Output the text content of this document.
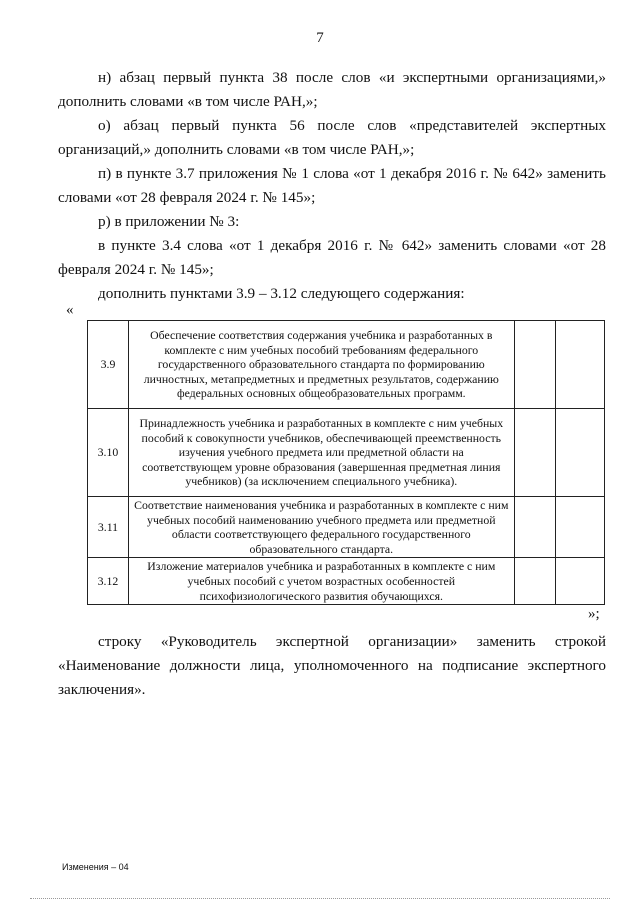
7

н) абзац первый пункта 38 после слов «и экспертными организациями,» дополнить словами «в том числе РАН,»;

о) абзац первый пункта 56 после слов «представителей экспертных организаций,» дополнить словами «в том числе РАН,»;

п) в пункте 3.7 приложения № 1 слова «от 1 декабря 2016 г. № 642» заменить словами «от 28 февраля 2024 г. № 145»;

р) в приложении № 3:

в пункте 3.4 слова «от 1 декабря 2016 г. № 642» заменить словами «от 28 февраля 2024 г. № 145»;

дополнить пунктами 3.9 – 3.12 следующего содержания:

«
3.9	Обеспечение соответствия содержания учебника и разработанных в комплекте с ним учебных пособий требованиям федерального государственного образовательного стандарта по формированию личностных, метапредметных и предметных результатов, содержанию федеральных основных общеобразовательных программ.		
3.10	Принадлежность учебника и разработанных в комплекте с ним учебных пособий к совокупности учебников, обеспечивающей преемственность изучения учебного предмета или предметной области на соответствующем уровне образования (завершенная предметная линия учебников) (за исключением специального учебника).		
3.11	Соответствие наименования учебника и разработанных в комплекте с ним учебных пособий наименованию учебного предмета или предметной области соответствующего федерального государственного образовательного стандарта.		
3.12	Изложение материалов учебника и разработанных в комплекте с ним учебных пособий с учетом возрастных особенностей психофизиологического развития обучающихся.		
»;

строку «Руководитель экспертной организации» заменить строкой «Наименование должности лица, уполномоченного на подписание экспертного заключения».

Изменения – 04
